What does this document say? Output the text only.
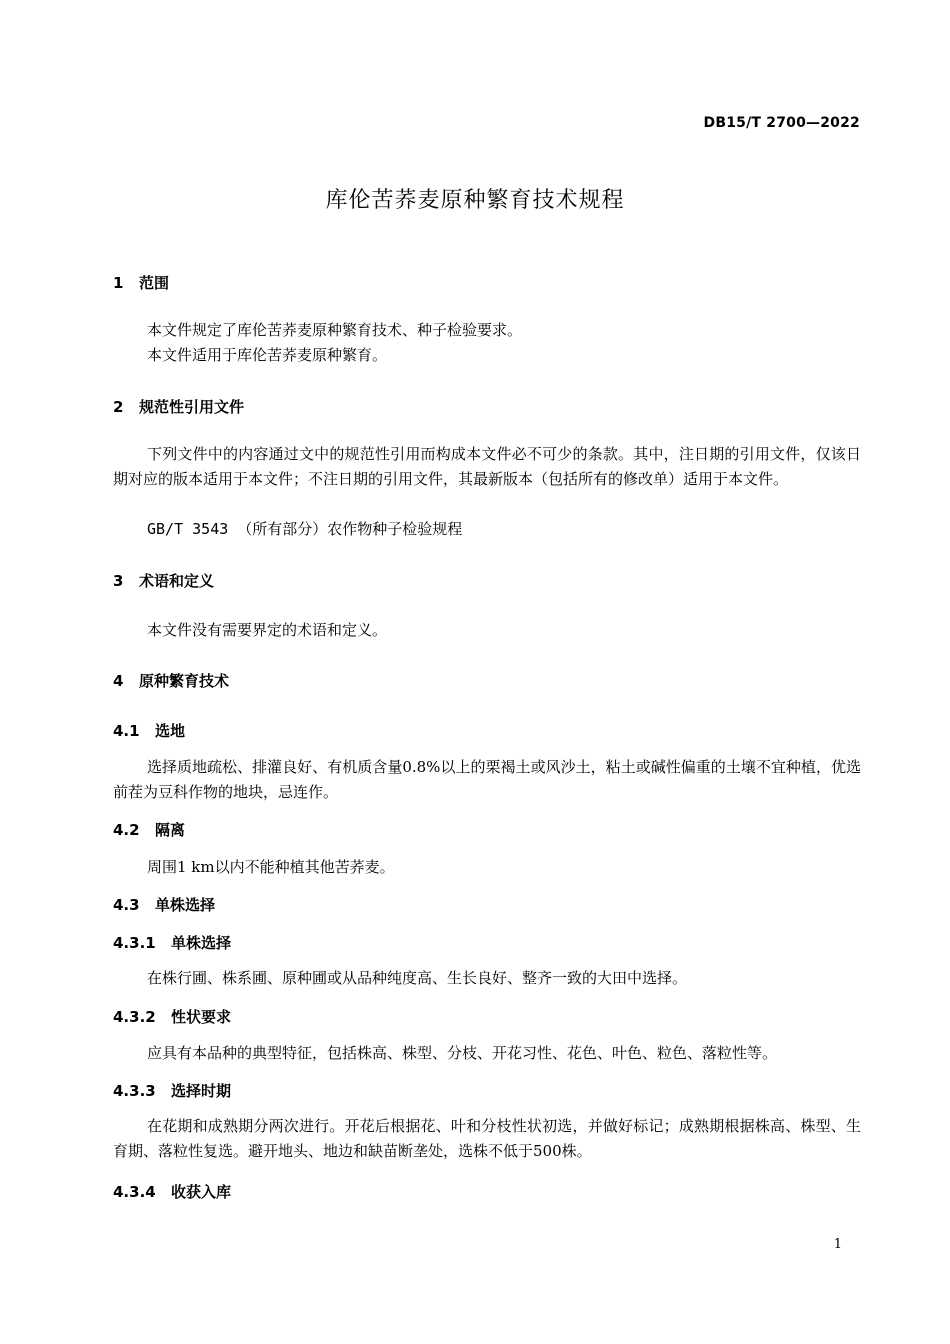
DB15/T 2700—2022
库伦苦荞麦原种繁育技术规程
1 范围
本文件规定了库伦苦荞麦原种繁育技术、种子检验要求。
本文件适用于库伦苦荞麦原种繁育。
2 规范性引用文件
下列文件中的内容通过文中的规范性引用而构成本文件必不可少的条款。其中，注日期的引用文件，仅该日期对应的版本适用于本文件；不注日期的引用文件，其最新版本（包括所有的修改单）适用于本文件。
GB/T 3543 （所有部分）农作物种子检验规程
3 术语和定义
本文件没有需要界定的术语和定义。
4 原种繁育技术
4.1 选地
选择质地疏松、排灌良好、有机质含量0.8%以上的栗褐土或风沙土，粘土或碱性偏重的土壤不宜种植，优选前茬为豆科作物的地块，忌连作。
4.2 隔离
周围1 km以内不能种植其他苦荞麦。
4.3 单株选择
4.3.1 单株选择
在株行圃、株系圃、原种圃或从品种纯度高、生长良好、整齐一致的大田中选择。
4.3.2 性状要求
应具有本品种的典型特征，包括株高、株型、分枝、开花习性、花色、叶色、粒色、落粒性等。
4.3.3 选择时期
在花期和成熟期分两次进行。开花后根据花、叶和分枝性状初选，并做好标记；成熟期根据株高、株型、生育期、落粒性复选。避开地头、地边和缺苗断垄处，选株不低于500株。
4.3.4 收获入库
1
